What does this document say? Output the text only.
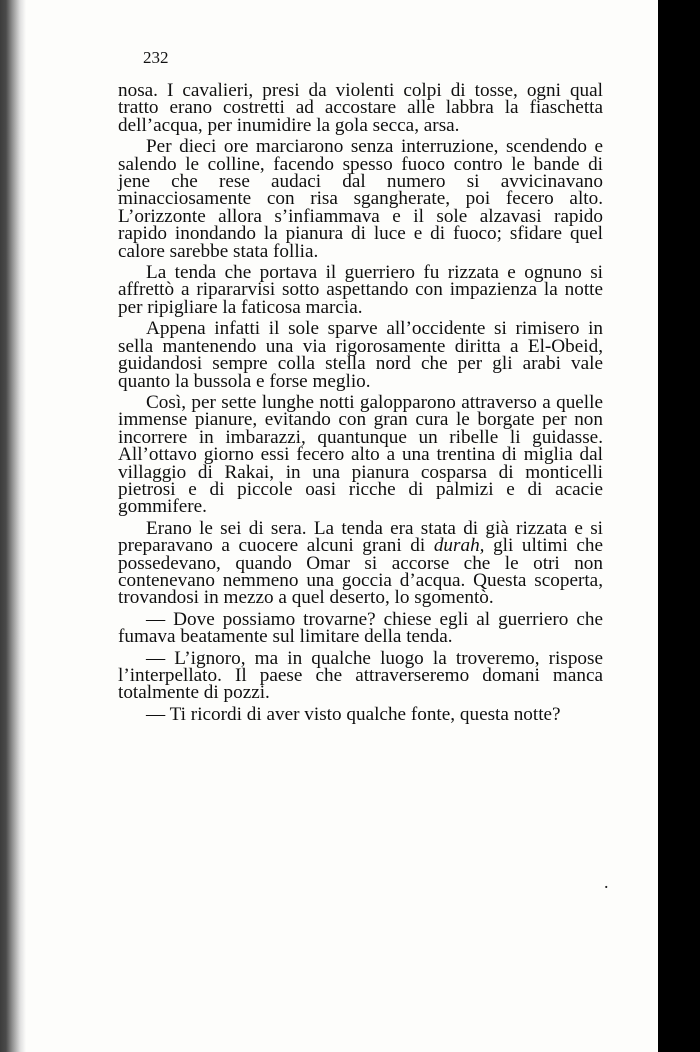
232

nosa. I cavalieri, presi da violenti colpi di tosse, ogni qual tratto erano costretti ad accostare alle labbra la fiaschetta dell’acqua, per inumidire la gola secca, arsa.

Per dieci ore marciarono senza interruzione, scendendo e salendo le colline, facendo spesso fuoco contro le bande di jene che rese audaci dal numero si avvicinavano minacciosamente con risa sgangherate, poi fecero alto. L’orizzonte allora s’infiammava e il sole alzavasi rapido rapido inondando la pianura di luce e di fuoco; sfidare quel calore sarebbe stata follia.

La tenda che portava il guerriero fu rizzata e ognuno si affrettò a ripararvisi sotto aspettando con impazienza la notte per ripigliare la faticosa marcia.

Appena infatti il sole sparve all’occidente si rimisero in sella mantenendo una via rigorosamente diritta a El-Obeid, guidandosi sempre colla stella nord che per gli arabi vale quanto la bussola e forse meglio.

Così, per sette lunghe notti galopparono attraverso a quelle immense pianure, evitando con gran cura le borgate per non incorrere in imbarazzi, quantunque un ribelle li guidasse. All’ottavo giorno essi fecero alto a una trentina di miglia dal villaggio di Rakai, in una pianura cosparsa di monticelli pietrosi e di piccole oasi ricche di palmizi e di acacie gommifere.

Erano le sei di sera. La tenda era stata di già rizzata e si preparavano a cuocere alcuni grani di durah, gli ultimi che possedevano, quando Omar si accorse che le otri non contenevano nemmeno una goccia d’acqua. Questa scoperta, trovandosi in mezzo a quel deserto, lo sgomentò.

— Dove possiamo trovarne? chiese egli al guerriero che fumava beatamente sul limitare della tenda.

— L’ignoro, ma in qualche luogo la troveremo, rispose l’interpellato. Il paese che attraverseremo domani manca totalmente di pozzi.

— Ti ricordi di aver visto qualche fonte, questa notte?

.
